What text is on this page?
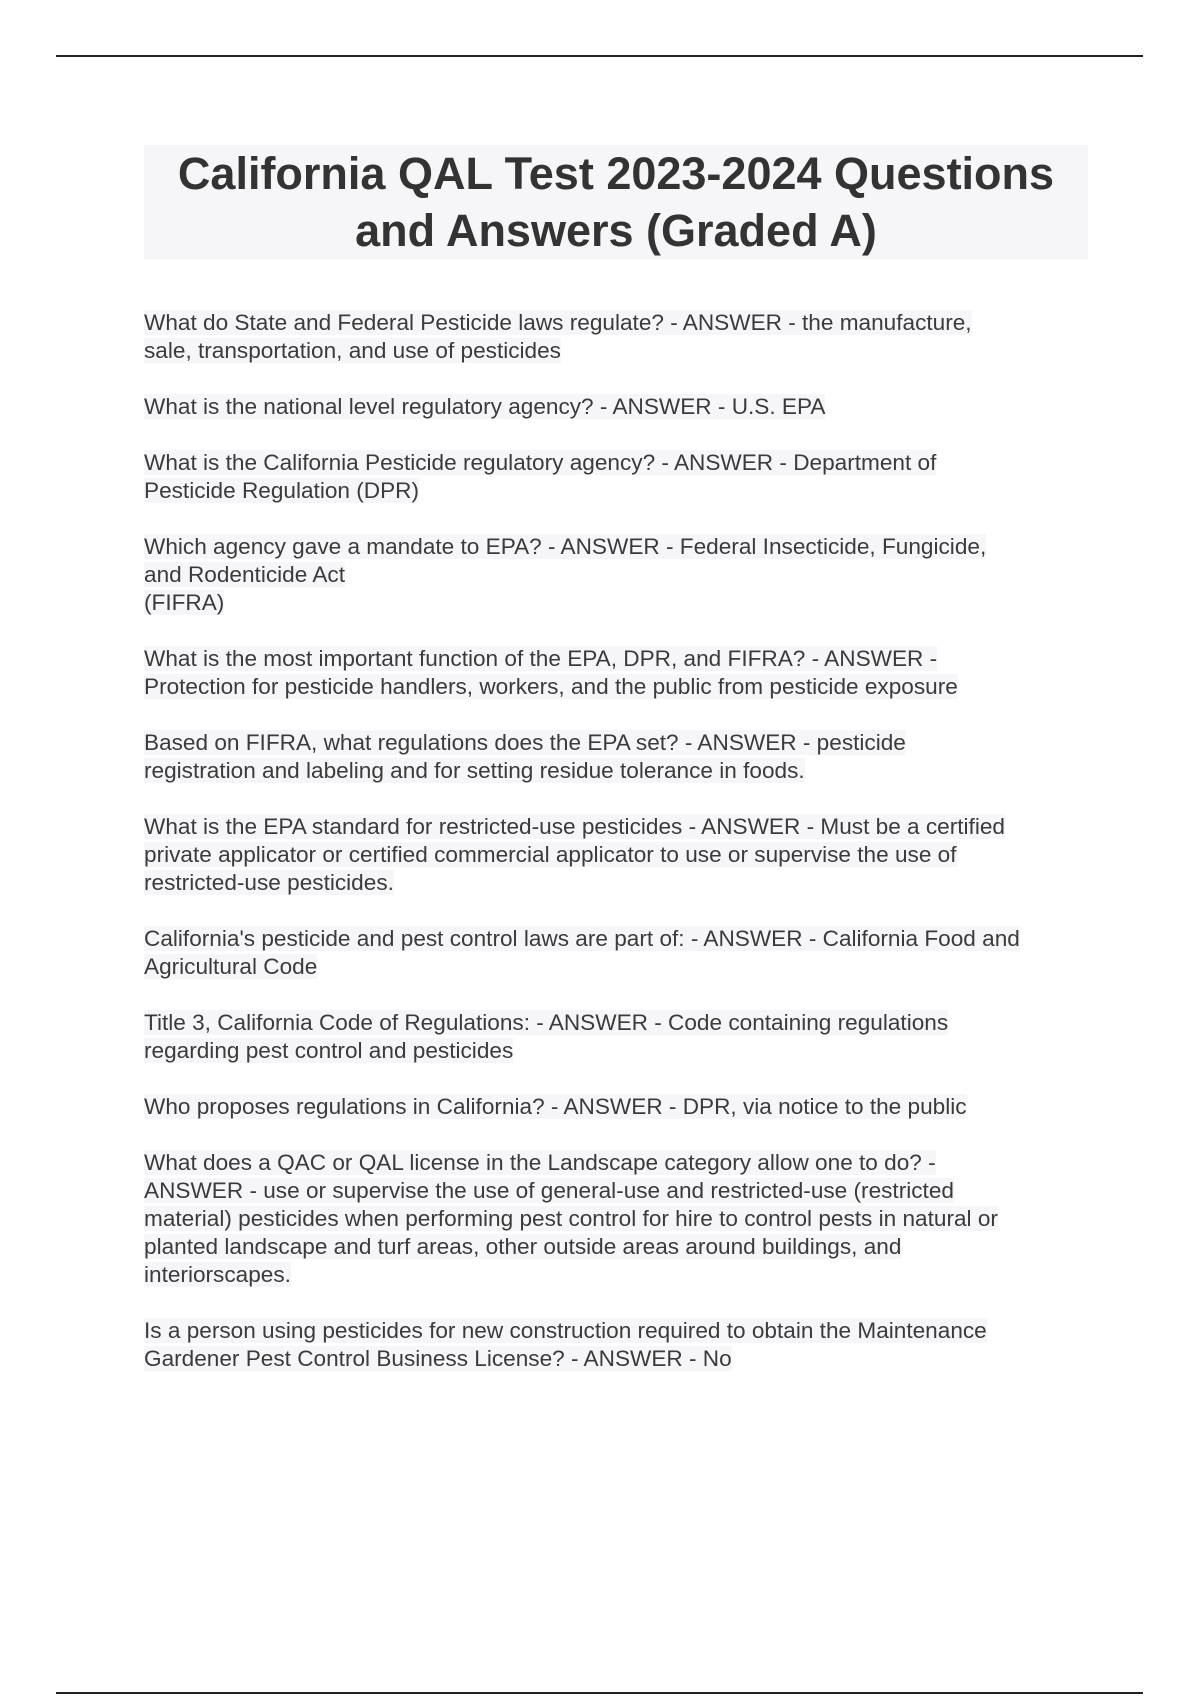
California QAL Test 2023-2024 Questions and Answers (Graded A)

What do State and Federal Pesticide laws regulate? - ANSWER - the manufacture,
sale, transportation, and use of pesticides

What is the national level regulatory agency? - ANSWER - U.S. EPA

What is the California Pesticide regulatory agency? - ANSWER - Department of
Pesticide Regulation (DPR)

Which agency gave a mandate to EPA? - ANSWER - Federal Insecticide, Fungicide,
and Rodenticide Act
(FIFRA)

What is the most important function of the EPA, DPR, and FIFRA? - ANSWER -
Protection for pesticide handlers, workers, and the public from pesticide exposure

Based on FIFRA, what regulations does the EPA set? - ANSWER - pesticide
registration and labeling and for setting residue tolerance in foods.

What is the EPA standard for restricted-use pesticides - ANSWER - Must be a certified
private applicator or certified commercial applicator to use or supervise the use of
restricted-use pesticides.

California's pesticide and pest control laws are part of: - ANSWER - California Food and
Agricultural Code

Title 3, California Code of Regulations: - ANSWER - Code containing regulations
regarding pest control and pesticides

Who proposes regulations in California? - ANSWER - DPR, via notice to the public

What does a QAC or QAL license in the Landscape category allow one to do? -
ANSWER - use or supervise the use of general-use and restricted-use (restricted
material) pesticides when performing pest control for hire to control pests in natural or
planted landscape and turf areas, other outside areas around buildings, and
interiorscapes.

Is a person using pesticides for new construction required to obtain the Maintenance
Gardener Pest Control Business License? - ANSWER - No
